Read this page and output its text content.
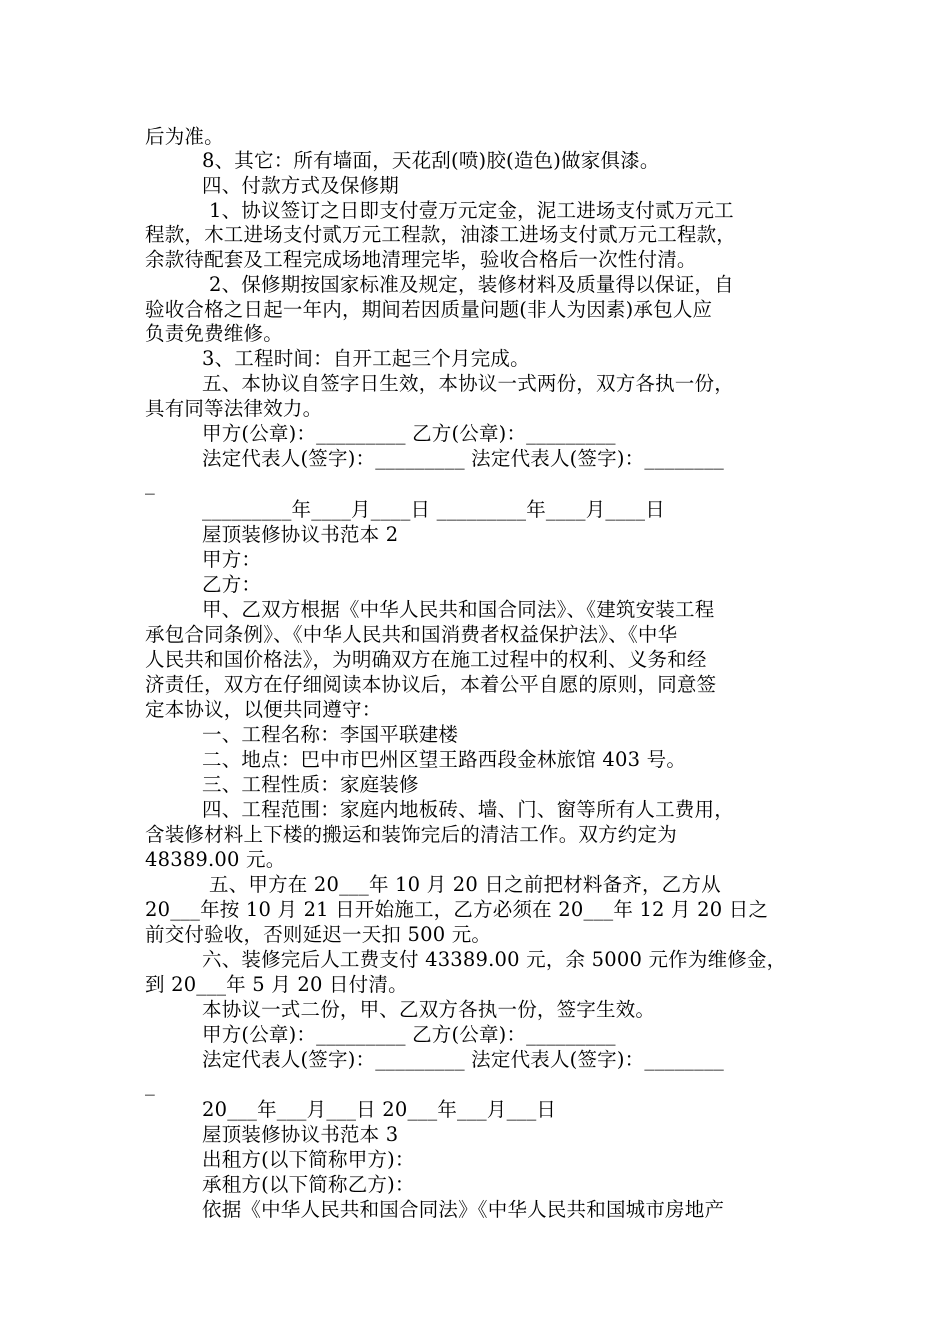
后为准。
8、其它：所有墙面，天花刮(喷)胶(造色)做家俱漆。
四、付款方式及保修期
1、协议签订之日即支付壹万元定金，泥工进场支付贰万元工
程款，木工进场支付贰万元工程款，油漆工进场支付贰万元工程款，
余款待配套及工程完成场地清理完毕，验收合格后一次性付清。
2、保修期按国家标准及规定，装修材料及质量得以保证，自
验收合格之日起一年内，期间若因质量问题(非人为因素)承包人应
负责免费维修。
3、工程时间：自开工起三个月完成。
五、本协议自签字日生效，本协议一式两份，双方各执一份，
具有同等法律效力。
甲方(公章)：_________ 乙方(公章)：_________
法定代表人(签字)：_________ 法定代表人(签字)：________
_
_________年____月____日 _________年____月____日
屋顶装修协议书范本 2
甲方：
乙方：
甲、乙双方根据《中华人民共和国合同法》、《建筑安装工程
承包合同条例》、《中华人民共和国消费者权益保护法》、《中华
人民共和国价格法》，为明确双方在施工过程中的权利、义务和经
济责任，双方在仔细阅读本协议后，本着公平自愿的原则，同意签
定本协议，以便共同遵守：
一、工程名称：李国平联建楼
二、地点：巴中市巴州区望王路西段金林旅馆 403 号。
三、工程性质：家庭装修
四、工程范围：家庭内地板砖、墙、门、窗等所有人工费用，
含装修材料上下楼的搬运和装饰完后的清洁工作。双方约定为
48389.00 元。
五、甲方在 20___年 10 月 20 日之前把材料备齐，乙方从
20___年按 10 月 21 日开始施工，乙方必须在 20___年 12 月 20 日之
前交付验收，否则延迟一天扣 500 元。
六、装修完后人工费支付 43389.00 元，余 5000 元作为维修金，
到 20___年 5 月 20 日付清。
本协议一式二份，甲、乙双方各执一份，签字生效。
甲方(公章)：_________ 乙方(公章)：_________
法定代表人(签字)：_________ 法定代表人(签字)：________
_
20___年___月___日 20___年___月___日
屋顶装修协议书范本 3
出租方(以下简称甲方)：
承租方(以下简称乙方)：
依据《中华人民共和国合同法》《中华人民共和国城市房地产
